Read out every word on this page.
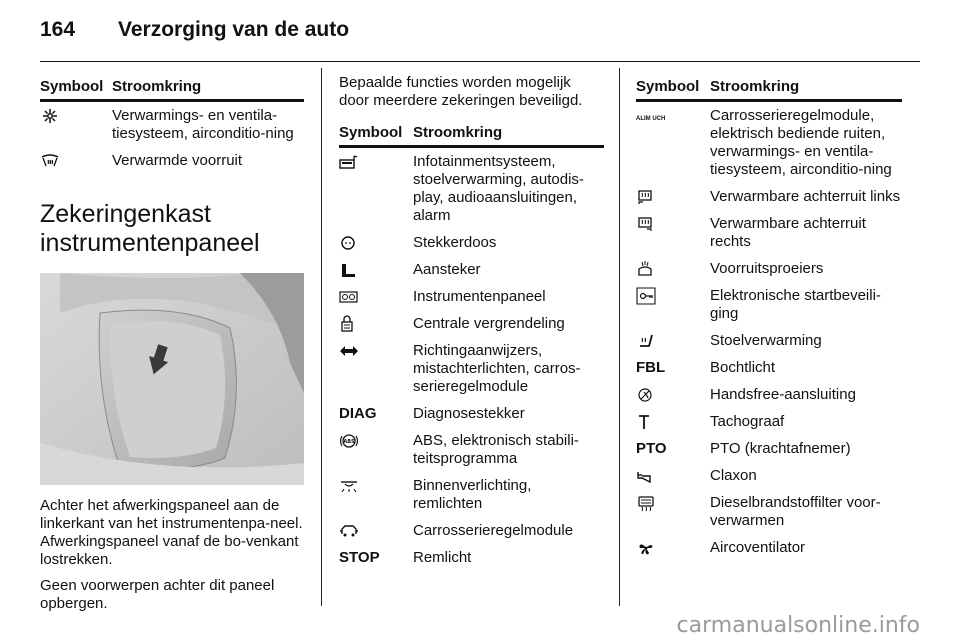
164 Verzorging van de auto
Symbool	Stroomkring

	Verwarmings- en ventila-tiesysteem, airconditio-ning

	Verwarmde voorruit
Zekeringenkast instrumentenpaneel

Achter het afwerkingspaneel aan de linkerkant van het instrumentenpa-neel. Afwerkingspaneel vanaf de bo-venkant lostrekken.

Geen voorwerpen achter dit paneel opbergen.

Bepaalde functies worden mogelijk door meerdere zekeringen beveiligd.

Symbool	Stroomkring

	Infotainmentsysteem, stoelverwarming, autodis-play, audioaansluitingen, alarm

	Stekkerdoos

	Aansteker

	Instrumentenpaneel

	Centrale vergrendeling

	Richtingaanwijzers, mistachterlichten, carros-serieregelmodule
DIAG	Diagnosestekker

ABS	ABS, elektronisch stabili-teitsprogramma

	Binnenverlichting, remlichten

	Carrosserieregelmodule
STOP	Remlicht
Symbool	Stroomkring
ALIM UCH	Carrosserieregelmodule, elektrisch bediende ruiten, verwarmings- en ventila-tiesysteem, airconditio-ning

	Verwarmbare achterruit links

	Verwarmbare achterruit rechts

	Voorruitsproeiers

	Elektronische startbeveili-ging

	Stoelverwarming
FBL	Bochtlicht

	Handsfree-aansluiting

	Tachograaf
PTO	PTO (krachtafnemer)

	Claxon

	Dieselbrandstoffilter voor-verwarmen

	Aircoventilator
carmanualsonline.info
